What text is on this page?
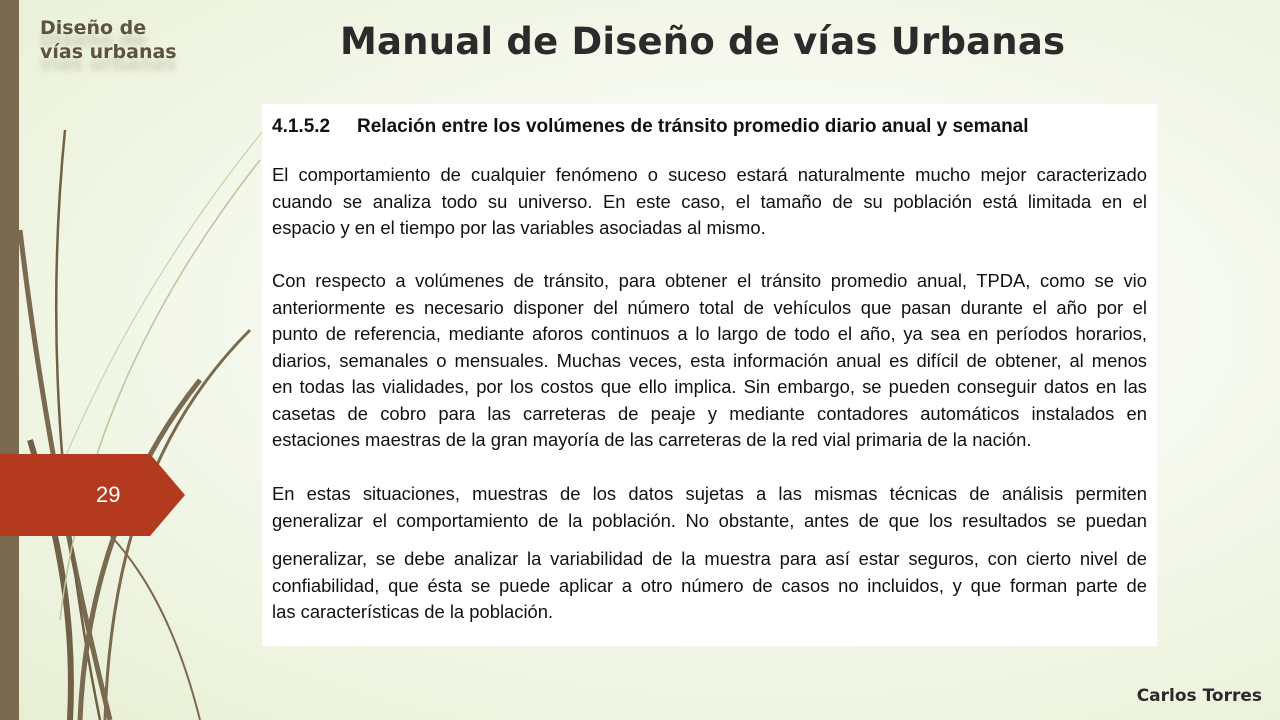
Diseño de
vías urbanas	Manual de Diseño de vías Urbanas
29
4.1.5.2 Relación entre los volúmenes de tránsito promedio diario anual y semanal
El comportamiento de cualquier fenómeno o suceso estará naturalmente mucho mejor caracterizado
cuando se analiza todo su universo. En este caso, el tamaño de su población está limitada en el
espacio y en el tiempo por las variables asociadas al mismo.
Con respecto a volúmenes de tránsito, para obtener el tránsito promedio anual, TPDA, como se vio
anteriormente es necesario disponer del número total de vehículos que pasan durante el año por el
punto de referencia, mediante aforos continuos a lo largo de todo el año, ya sea en períodos horarios,
diarios, semanales o mensuales. Muchas veces, esta información anual es difícil de obtener, al menos
en todas las vialidades, por los costos que ello implica. Sin embargo, se pueden conseguir datos en las
casetas de cobro para las carreteras de peaje y mediante contadores automáticos instalados en
estaciones maestras de la gran mayoría de las carreteras de la red vial primaria de la nación.
En estas situaciones, muestras de los datos sujetas a las mismas técnicas de análisis permiten
generalizar el comportamiento de la población. No obstante, antes de que los resultados se puedan
generalizar, se debe analizar la variabilidad de la muestra para así estar seguros, con cierto nivel de
confiabilidad, que ésta se puede aplicar a otro número de casos no incluidos, y que forman parte de
las características de la población.
Carlos Torres
